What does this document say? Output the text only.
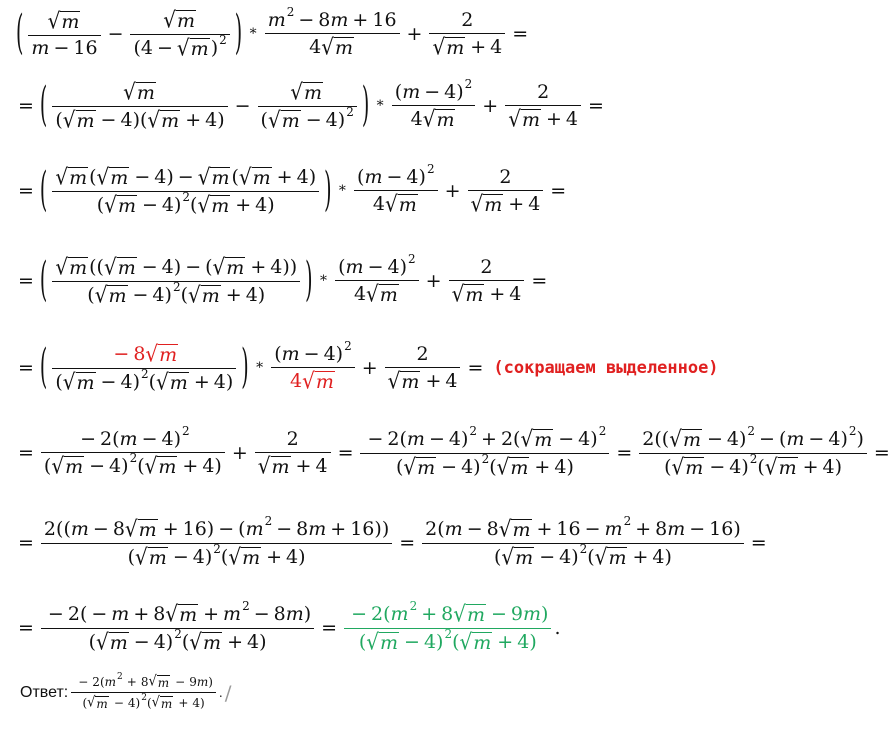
( $\frac{√ m}{m - 1 6} - \frac{√ m}{( 4 - √ m ) 2}$ ) ∗ $\frac{m 2 - 8 m + 1 6}{4 √ m} + \frac{2}{√ m + 4}$ =
= ( $\frac{√ m}{( √ m - 4 ) ( √ m + 4 )} - \frac{√ m}{( √ m - 4 ) 2}$ ) ∗ $\frac{( m - 4 ) 2}{4 √ m} + \frac{2}{√ m + 4}$ =
= ( $\frac{√ m ( √ m - 4 ) - √ m ( √ m + 4 )}{( √ m - 4 ) 2 ( √ m + 4 )}$ ) ∗ $\frac{( m - 4 ) 2}{4 √ m} + \frac{2}{√ m + 4}$ =
= ( $\frac{√ m ( ( √ m - 4 ) - ( √ m + 4 ) )}{( √ m - 4 ) 2 ( √ m + 4 )}$ ) ∗ $\frac{( m - 4 ) 2}{4 √ m} + \frac{2}{√ m + 4}$ =
= ( $\frac{- 8 √ m}{( √ m - 4 ) 2 ( √ m + 4 )}$ ) ∗ $\frac{( m - 4 ) 2}{4 √ m} + \frac{2}{√ m + 4}$ = (сокращаем выделенное)
= $\frac{- 2 ( m - 4 ) 2}{( √ m - 4 ) 2 ( √ m + 4 )} + \frac{2}{√ m + 4} = \frac{- 2 ( m - 4 ) 2 + 2 ( √ m - 4 ) 2}{( √ m - 4 ) 2 ( √ m + 4 )} = \frac{2 ( ( √ m - 4 ) 2 - ( m - 4 ) 2 )}{( √ m - 4 ) 2 ( √ m + 4 )}$ =
= $\frac{2 ( ( m - 8 √ m + 1 6 ) - ( m 2 - 8 m + 1 6 ) )}{( √ m - 4 ) 2 ( √ m + 4 )} = \frac{2 ( m - 8 √ m + 1 6 - m 2 + 8 m - 1 6 )}{( √ m - 4 ) 2 ( √ m + 4 )}$ =
= $\frac{- 2 ( - m + 8 √ m + m 2 - 8 m )}{( √ m - 4 ) 2 ( √ m + 4 )} = \frac{- 2 ( m 2 + 8 √ m - 9 m )}{( √ m - 4 ) 2 ( √ m + 4 )}$ .
Ответ: $\frac{- 2 ( m 2 + 8 √ m - 9 m )}{( √ m - 4 ) 2 ( √ m + 4 )}$ . /
